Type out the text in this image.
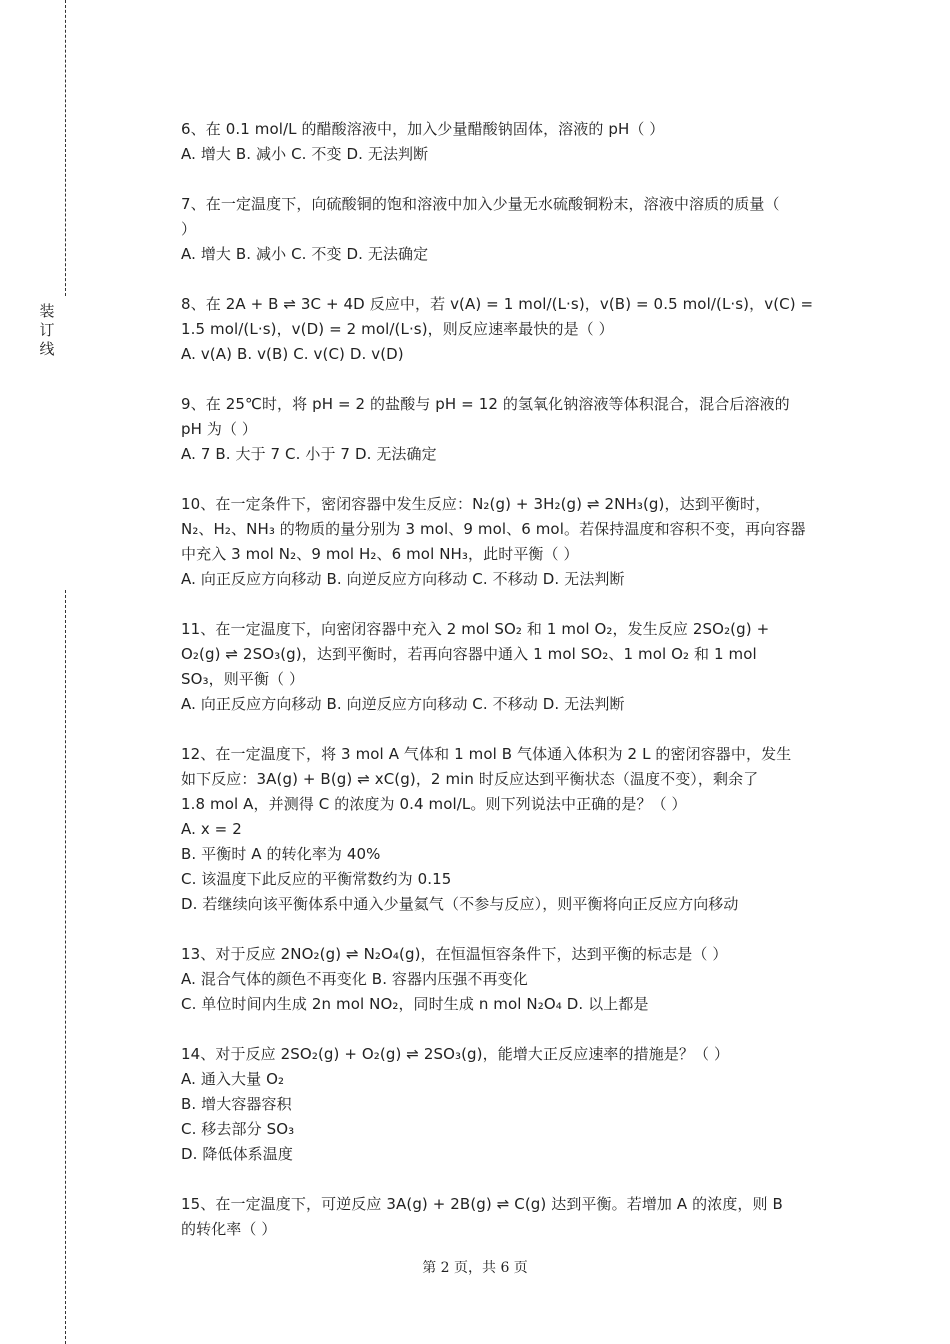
装订线
6、在 0.1 mol/L 的醋酸溶液中，加入少量醋酸钠固体，溶液的 pH（ ）
A. 增大 B. 减小 C. 不变 D. 无法判断
7、在一定温度下，向硫酸铜的饱和溶液中加入少量无水硫酸铜粉末，溶液中溶质的质量（
）
A. 增大 B. 减小 C. 不变 D. 无法确定
8、在 2A + B ⇌ 3C + 4D 反应中，若 v(A) = 1 mol/(L·s)，v(B) = 0.5 mol/(L·s)，v(C) =
1.5 mol/(L·s)，v(D) = 2 mol/(L·s)，则反应速率最快的是（ ）
A. v(A) B. v(B) C. v(C) D. v(D)
9、在 25℃时，将 pH = 2 的盐酸与 pH = 12 的氢氧化钠溶液等体积混合，混合后溶液的
pH 为（ ）
A. 7 B. 大于 7 C. 小于 7 D. 无法确定
10、在一定条件下，密闭容器中发生反应：N₂(g) + 3H₂(g) ⇌ 2NH₃(g)，达到平衡时，
N₂、H₂、NH₃ 的物质的量分别为 3 mol、9 mol、6 mol。若保持温度和容积不变，再向容器
中充入 3 mol N₂、9 mol H₂、6 mol NH₃，此时平衡（ ）
A. 向正反应方向移动 B. 向逆反应方向移动 C. 不移动 D. 无法判断
11、在一定温度下，向密闭容器中充入 2 mol SO₂ 和 1 mol O₂，发生反应 2SO₂(g) +
O₂(g) ⇌ 2SO₃(g)，达到平衡时，若再向容器中通入 1 mol SO₂、1 mol O₂ 和 1 mol
SO₃，则平衡（ ）
A. 向正反应方向移动 B. 向逆反应方向移动 C. 不移动 D. 无法判断
12、在一定温度下，将 3 mol A 气体和 1 mol B 气体通入体积为 2 L 的密闭容器中，发生
如下反应：3A(g) + B(g) ⇌ xC(g)，2 min 时反应达到平衡状态（温度不变），剩余了
1.8 mol A，并测得 C 的浓度为 0.4 mol/L。则下列说法中正确的是？（ ）
A. x = 2
B. 平衡时 A 的转化率为 40%
C. 该温度下此反应的平衡常数约为 0.15
D. 若继续向该平衡体系中通入少量氦气（不参与反应），则平衡将向正反应方向移动
13、对于反应 2NO₂(g) ⇌ N₂O₄(g)，在恒温恒容条件下，达到平衡的标志是（ ）
A. 混合气体的颜色不再变化 B. 容器内压强不再变化
C. 单位时间内生成 2n mol NO₂，同时生成 n mol N₂O₄ D. 以上都是
14、对于反应 2SO₂(g) + O₂(g) ⇌ 2SO₃(g)，能增大正反应速率的措施是？（ ）
A. 通入大量 O₂
B. 增大容器容积
C. 移去部分 SO₃
D. 降低体系温度
15、在一定温度下，可逆反应 3A(g) + 2B(g) ⇌ C(g) 达到平衡。若增加 A 的浓度，则 B
的转化率（ ）
第 2 页，共 6 页
